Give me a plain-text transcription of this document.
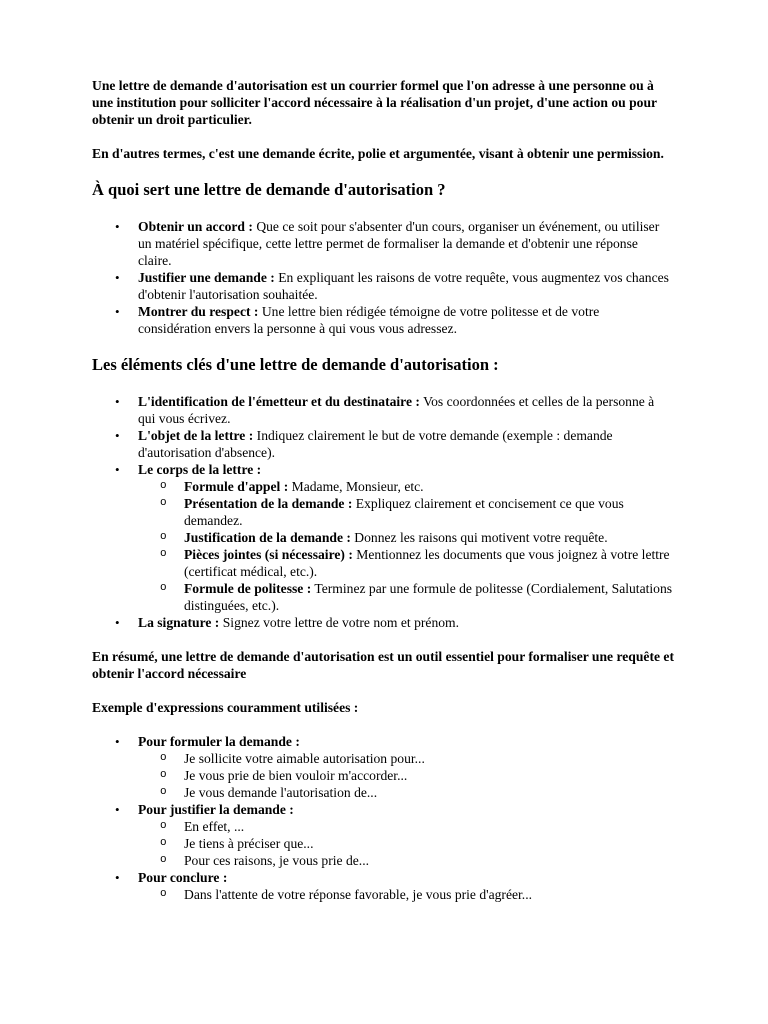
Une lettre de demande d'autorisation est un courrier formel que l'on adresse à une personne ou à une institution pour solliciter l'accord nécessaire à la réalisation d'un projet, d'une action ou pour obtenir un droit particulier.

En d'autres termes, c'est une demande écrite, polie et argumentée, visant à obtenir une permission.

À quoi sert une lettre de demande d'autorisation ?
• Obtenir un accord : Que ce soit pour s'absenter d'un cours, organiser un événement, ou utiliser un matériel spécifique, cette lettre permet de formaliser la demande et d'obtenir une réponse claire.
• Justifier une demande : En expliquant les raisons de votre requête, vous augmentez vos chances d'obtenir l'autorisation souhaitée.
• Montrer du respect : Une lettre bien rédigée témoigne de votre politesse et de votre considération envers la personne à qui vous vous adressez.
Les éléments clés d'une lettre de demande d'autorisation :
• L'identification de l'émetteur et du destinataire : Vos coordonnées et celles de la personne à qui vous écrivez.
• L'objet de la lettre : Indiquez clairement le but de votre demande (exemple : demande d'autorisation d'absence).
• Le corps de la lettre :
o Formule d'appel : Madame, Monsieur, etc.
o Présentation de la demande : Expliquez clairement et concisement ce que vous demandez.
o Justification de la demande : Donnez les raisons qui motivent votre requête.
o Pièces jointes (si nécessaire) : Mentionnez les documents que vous joignez à votre lettre (certificat médical, etc.).
o Formule de politesse : Terminez par une formule de politesse (Cordialement, Salutations distinguées, etc.).
• La signature : Signez votre lettre de votre nom et prénom.

En résumé, une lettre de demande d'autorisation est un outil essentiel pour formaliser une requête et obtenir l'accord nécessaire

Exemple d'expressions couramment utilisées :

• Pour formuler la demande :
o Je sollicite votre aimable autorisation pour...
o Je vous prie de bien vouloir m'accorder...
o Je vous demande l'autorisation de...
• Pour justifier la demande :
o En effet, ...
o Je tiens à préciser que...
o Pour ces raisons, je vous prie de...
• Pour conclure :
o Dans l'attente de votre réponse favorable, je vous prie d'agréer...
